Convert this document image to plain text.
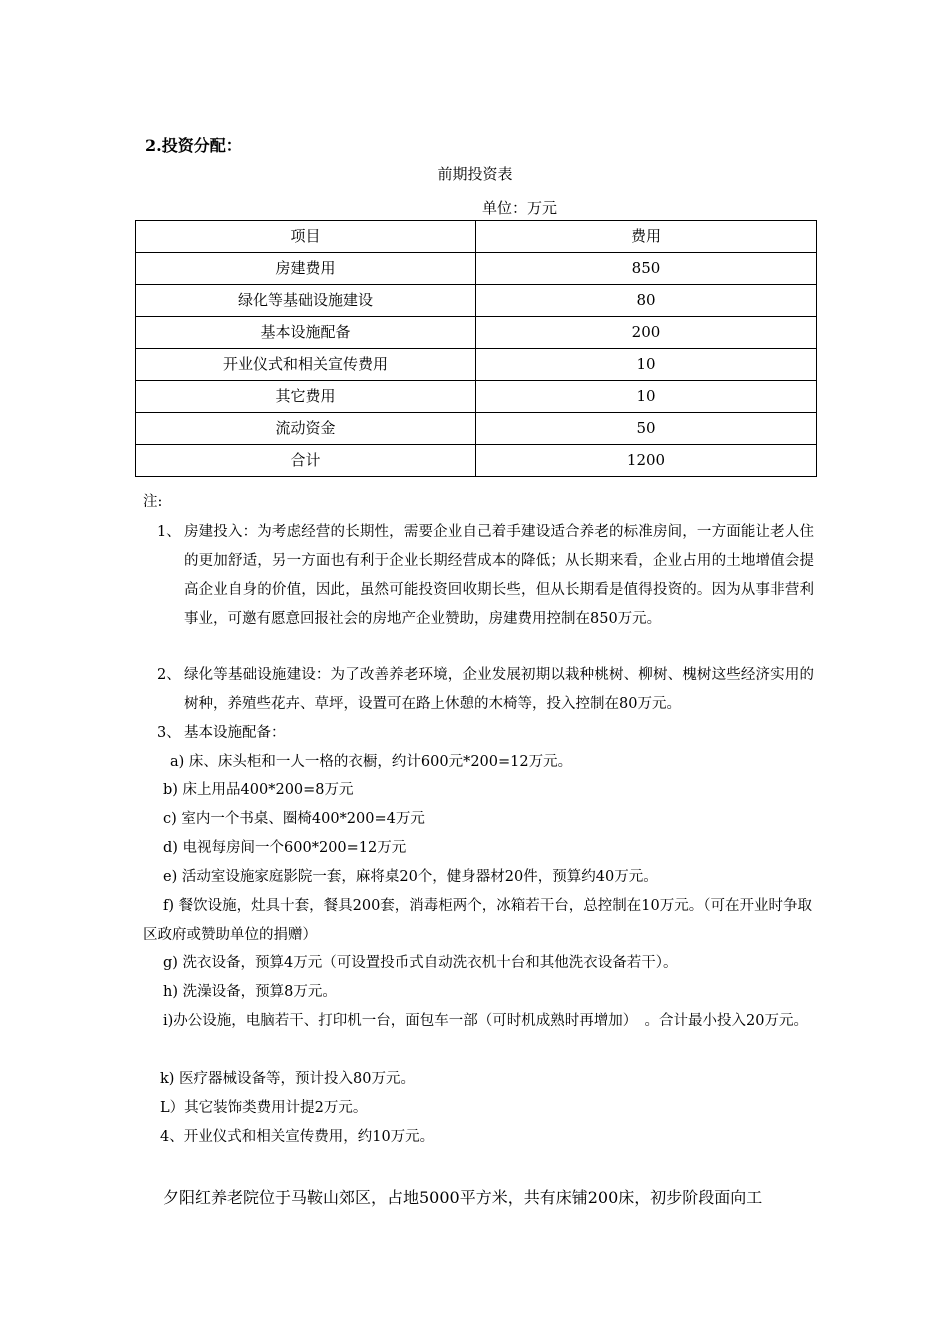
2.投资分配：
前期投资表
单位：万元
项目	费用
房建费用	850
绿化等基础设施建设	80
基本设施配备	200
开业仪式和相关宣传费用	10
其它费用	10
流动资金	50
合计	1200
注:
1、 房建投入：为考虑经营的长期性，需要企业自己着手建设适合养老的标准房间，一方面能让老人住的更加舒适，另一方面也有利于企业长期经营成本的降低；从长期来看，企业占用的土地增值会提高企业自身的价值，因此，虽然可能投资回收期长些，但从长期看是值得投资的。因为从事非营利事业，可邀有愿意回报社会的房地产企业赞助，房建费用控制在850万元。
2、 绿化等基础设施建设：为了改善养老环境，企业发展初期以栽种桃树、柳树、槐树这些经济实用的树种，养殖些花卉、草坪，设置可在路上休憩的木椅等，投入控制在80万元。
3、 基本设施配备：
a) 床、床头柜和一人一格的衣橱，约计600元*200=12万元。
b) 床上用品400*200=8万元
c) 室内一个书桌、圈椅400*200=4万元
d) 电视每房间一个600*200=12万元
e) 活动室设施家庭影院一套，麻将桌20个，健身器材20件，预算约40万元。
f) 餐饮设施，灶具十套，餐具200套，消毒柜两个，冰箱若干台，总控制在10万元。（可在开业时争取区政府或赞助单位的捐赠）
g) 洗衣设备，预算4万元（可设置投币式自动洗衣机十台和其他洗衣设备若干）。
h) 洗澡设备，预算8万元。
i)办公设施，电脑若干、打印机一台，面包车一部（可时机成熟时再增加）　。合计最小投入20万元。
k) 医疗器械设备等，预计投入80万元。
L）其它装饰类费用计提2万元。
4、开业仪式和相关宣传费用，约10万元。
夕阳红养老院位于马鞍山郊区，占地5000平方米，共有床铺200床，初步阶段面向工
